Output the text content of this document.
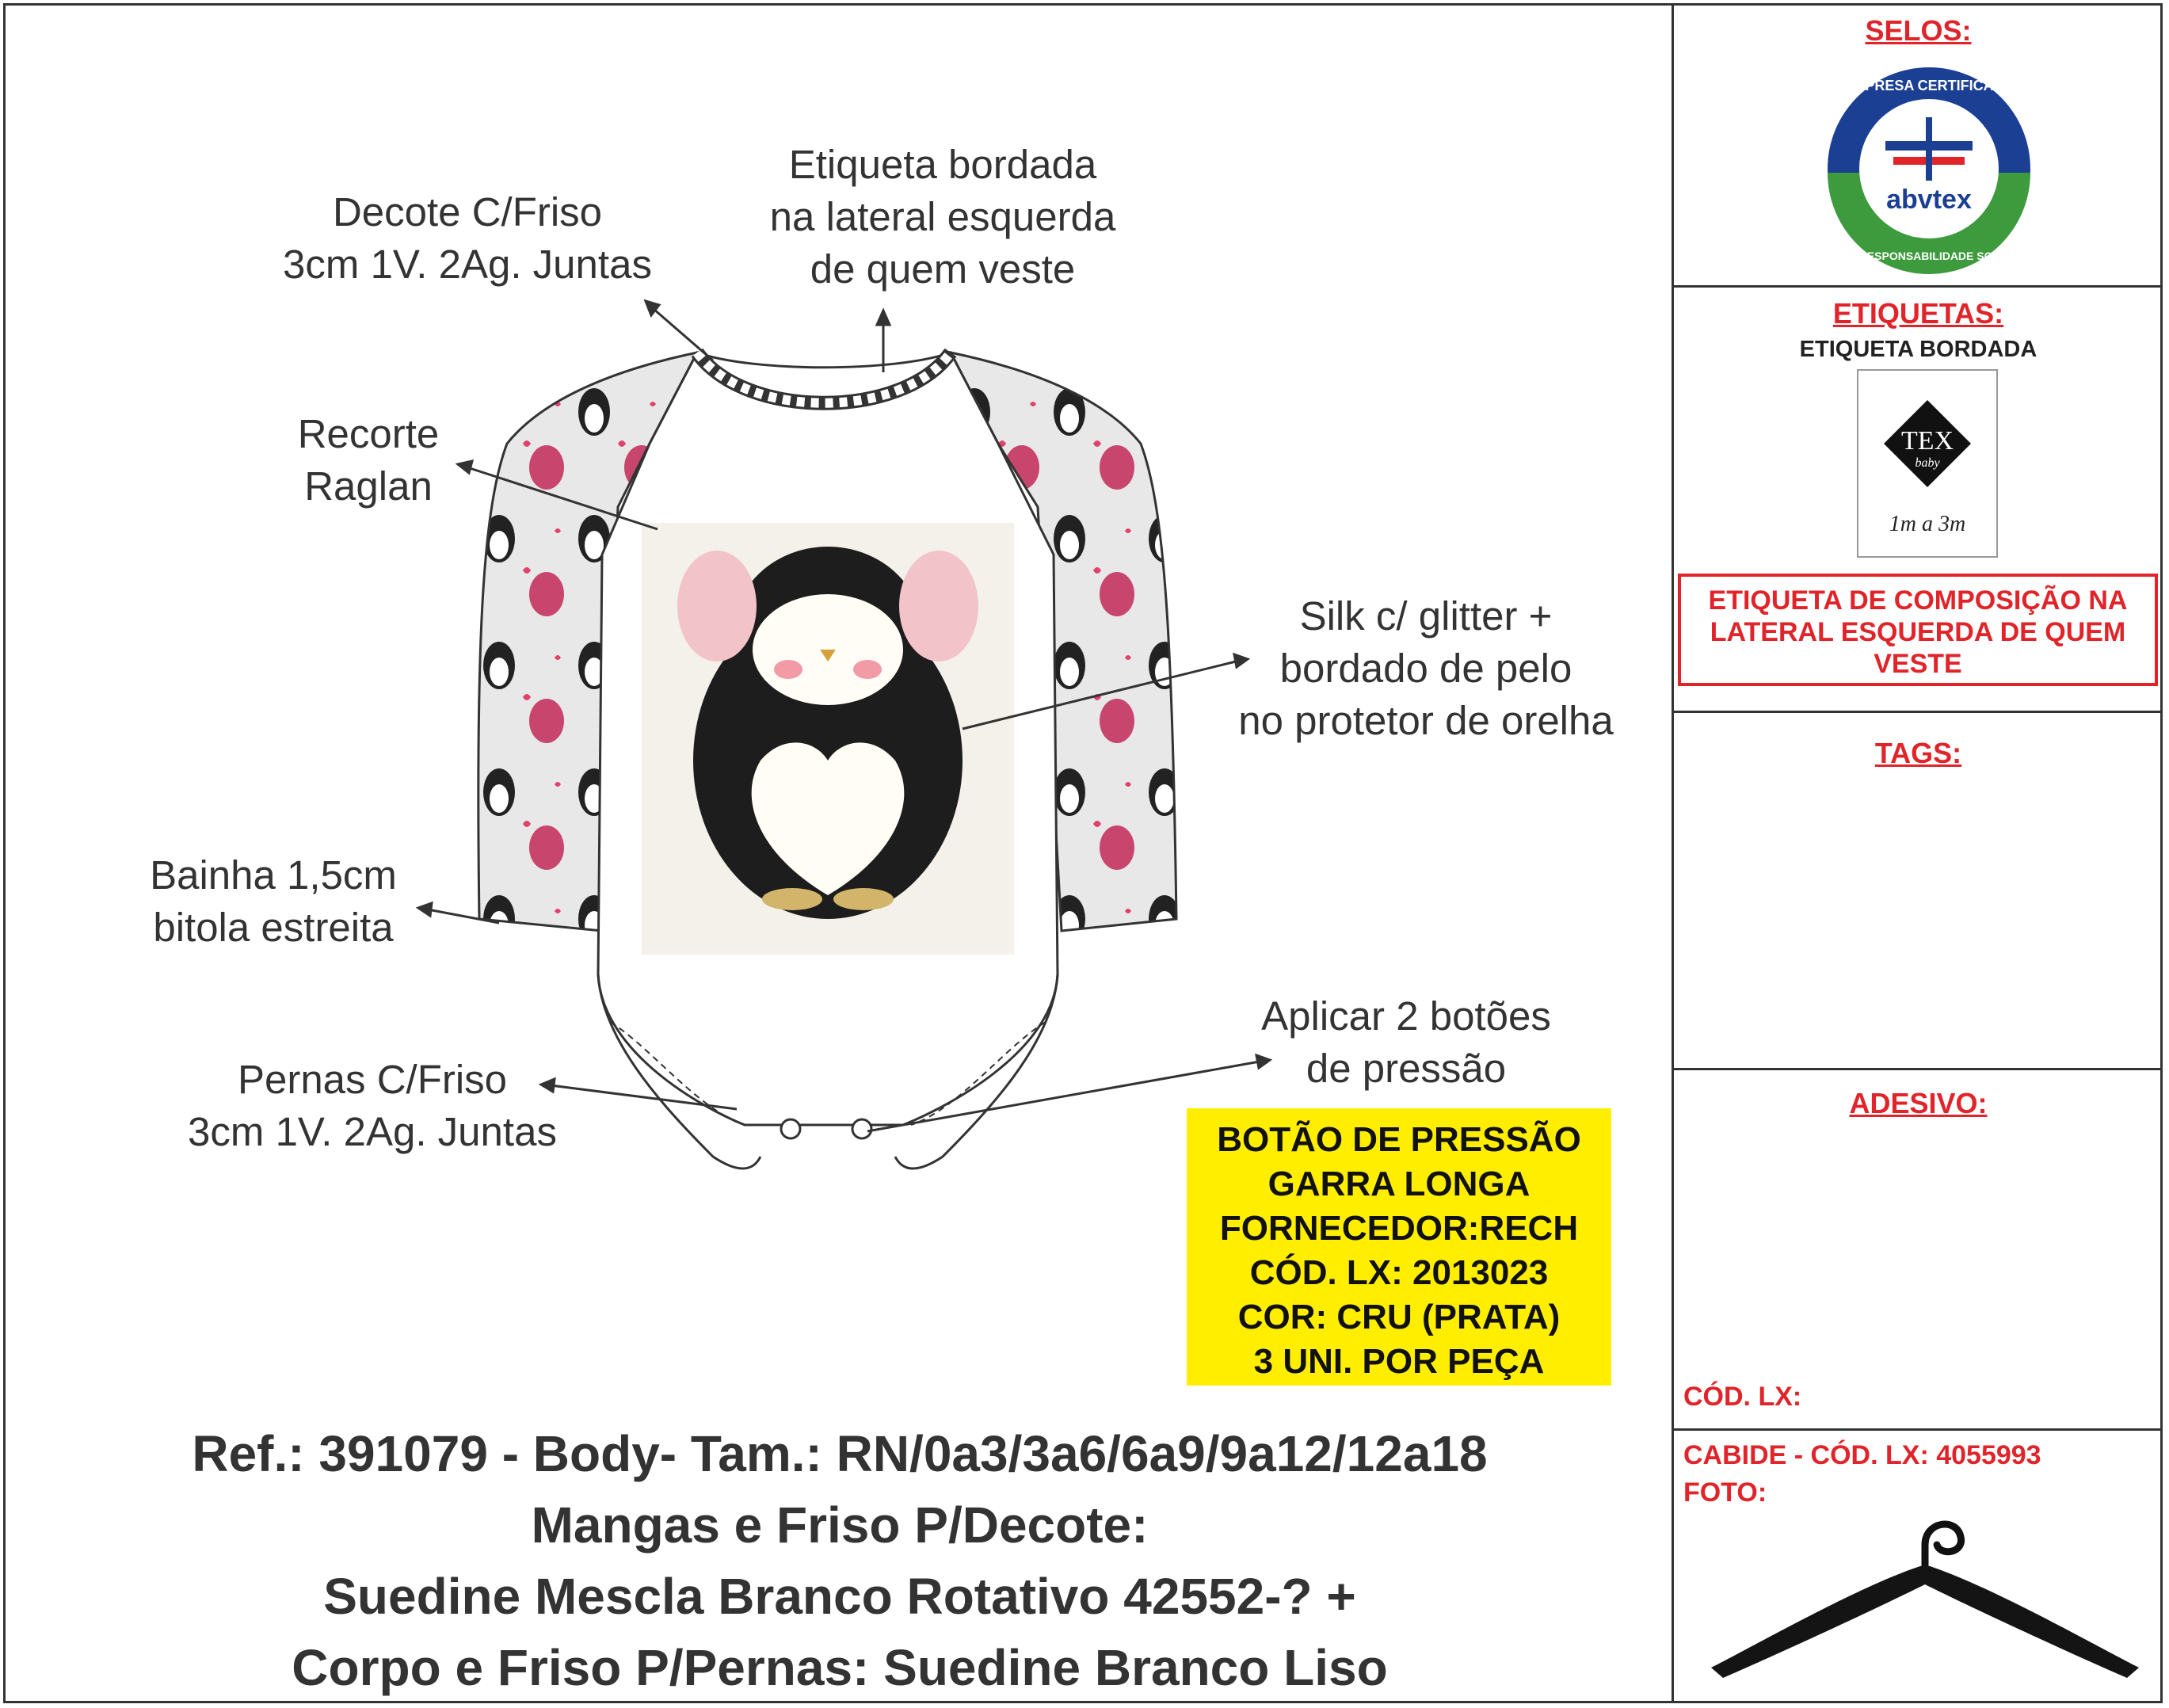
Decote C/Friso
3cm 1V. 2Ag. Juntas
Etiqueta bordada
na lateral esquerda
de quem veste
Recorte
Raglan
Silk c/ glitter +
bordado de pelo
no protetor de orelha
Bainha 1,5cm
bitola estreita
Pernas C/Friso
3cm 1V. 2Ag. Juntas
Aplicar 2 botões
de pressão
BOTÃO DE PRESSÃO
GARRA LONGA
FORNECEDOR:RECH
CÓD. LX: 2013023
COR: CRU (PRATA)
3 UNI. POR PEÇA
Ref.: 391079 - Body- Tam.: RN/0a3/3a6/6a9/9a12/12a18
Mangas e Friso P/Decote:
Suedine Mescla Branco Rotativo 42552-? +
Corpo e Friso P/Pernas: Suedine Branco Liso
SELOS:
abvtex
EMPRESA CERTIFICADA
EM RESPONSABILIDADE SOCIAL
ETIQUETAS:
ETIQUETA BORDADA
TEX
baby
1m a 3m
ETIQUETA DE COMPOSIÇÃO NA LATERAL ESQUERDA DE QUEM VESTE
TAGS:
ADESIVO:
CÓD. LX:
CABIDE - CÓD. LX: 4055993
FOTO:
